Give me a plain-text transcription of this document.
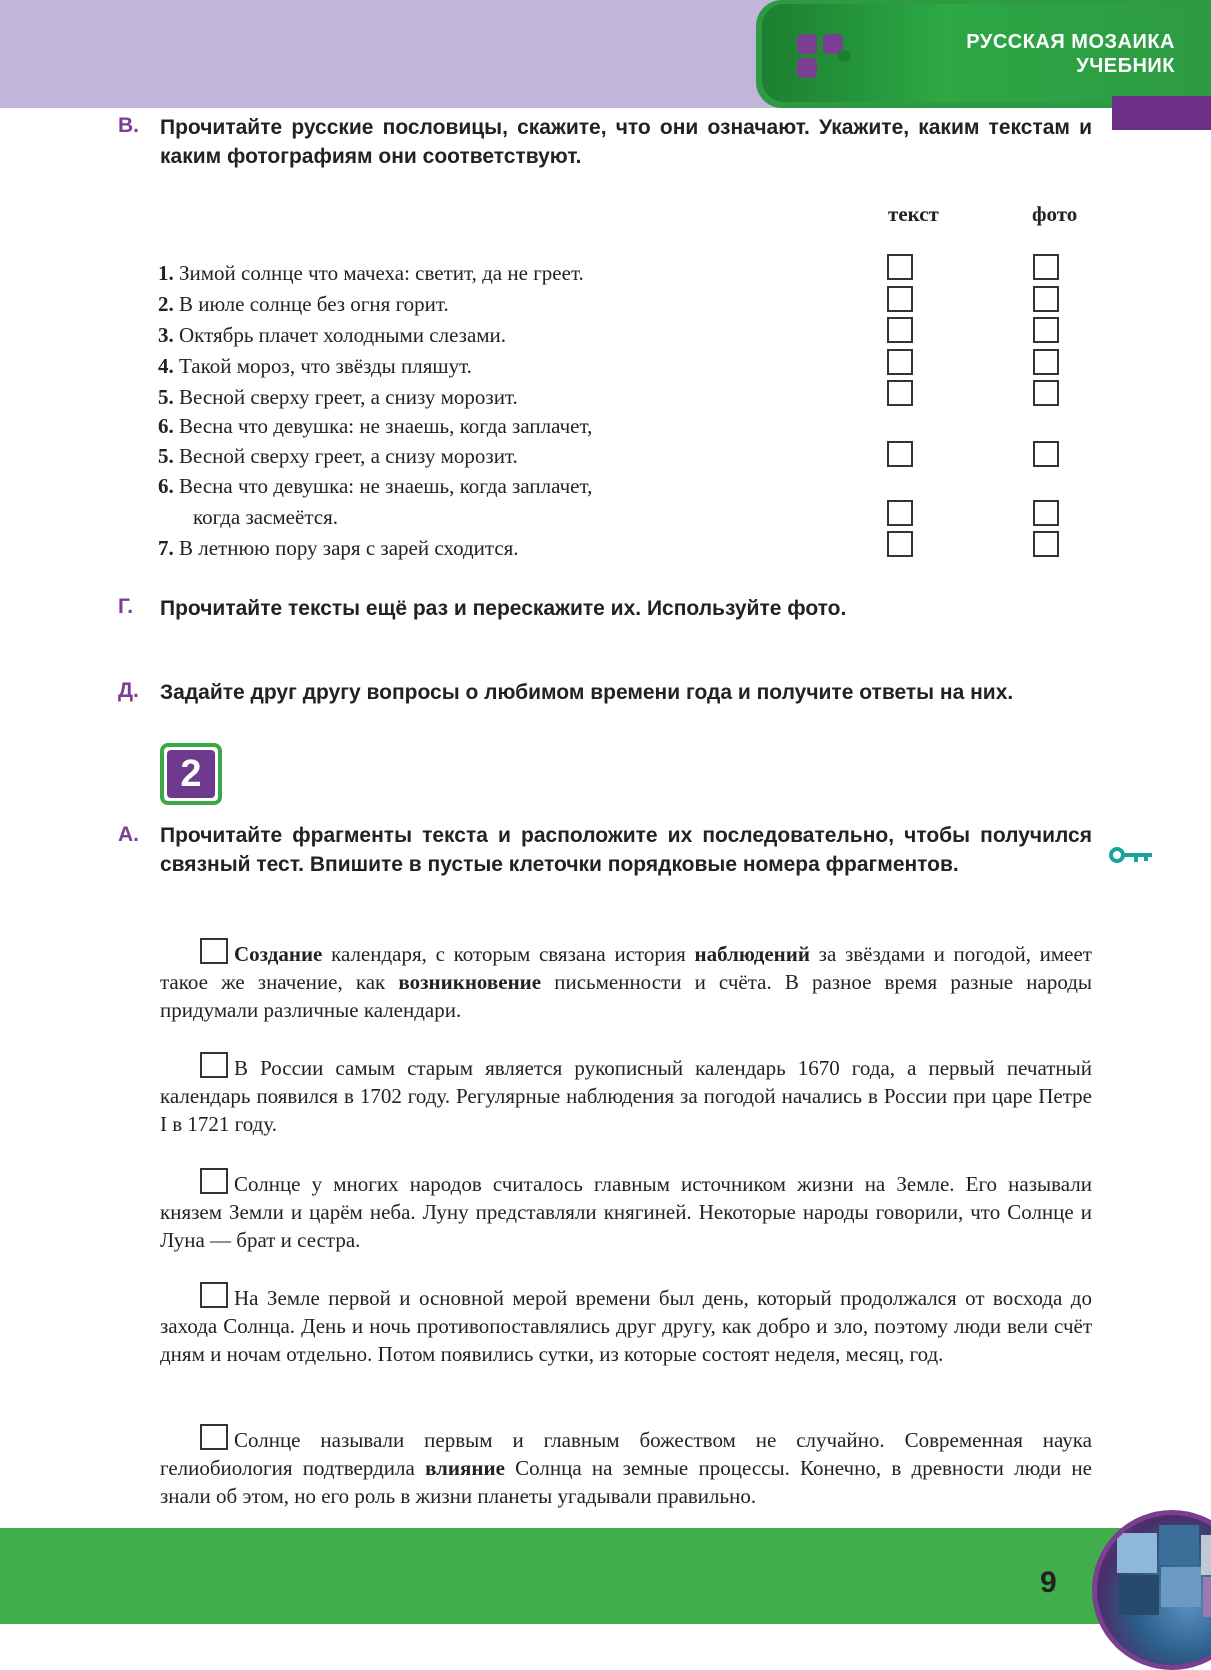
РУССКАЯ МОЗАИКА
УЧЕБНИК
В. Прочитайте русские пословицы, скажите, что они означают. Укажите, каким текстам и каким фотографиям они соответствуют.
текст	фото
1. Зимой солнце что мачеха: светит, да не греет.
2. В июле солнце без огня горит.
3. Октябрь плачет холодными слезами.
4. Такой мороз, что звёзды пляшут.
5. Весной сверху греет, а снизу морозит.
6. Весна что девушка: не знаешь, когда заплачет,
5. Весной сверху греет, а снизу морозит.
6. Весна что девушка: не знаешь, когда заплачет,
когда засмеётся.
7. В летнюю пору заря с зарей сходится.
Г. Прочитайте тексты ещё раз и перескажите их. Используйте фото.
Д. Задайте друг другу вопросы о любимом времени года и получите ответы на них.
2
А. Прочитайте фрагменты текста и расположите их последовательно, чтобы получился связный тест. Впишите в пустые клеточки порядковые номера фрагментов.
Создание календаря, с которым связана история наблюдений за звёздами и погодой, имеет такое же значение, как возникновение письменности и счёта. В разное время разные народы придумали различные календари.
В России самым старым является рукописный календарь 1670 года, а первый печатный календарь появился в 1702 году. Регулярные наблюдения за погодой начались в России при царе Петре I в 1721 году.
Солнце у многих народов считалось главным источником жизни на Земле. Его называли князем Земли и царём неба. Луну представляли княгиней. Некоторые народы говорили, что Солнце и Луна — брат и сестра.
На Земле первой и основной мерой времени был день, который продолжался от восхода до захода Солнца. День и ночь противопоставлялись друг другу, как добро и зло, поэтому люди вели счёт дням и ночам отдельно. Потом появились сутки, из которые состоят неделя, месяц, год.
Солнце называли первым и главным божеством не случайно. Современная наука гелиобиология подтвердила влияние Солнца на земные процессы. Конечно, в древности люди не знали об этом, но его роль в жизни планеты угадывали правильно.
9
